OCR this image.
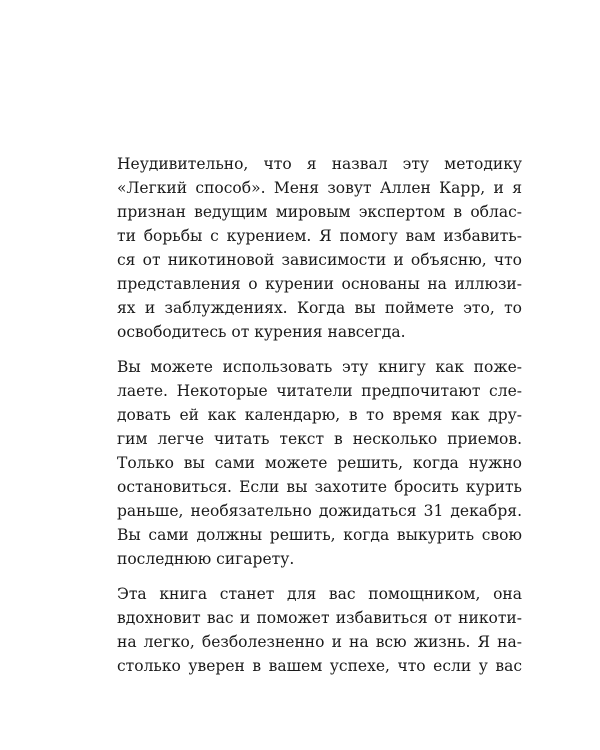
Неудивительно, что я назвал эту методику
«Легкий способ». Меня зовут Аллен Карр, и я
признан ведущим мировым экспертом в облас-
ти борьбы с курением. Я помогу вам избавить-
ся от никотиновой зависимости и объясню, что
представления о курении основаны на иллюзи-
ях и заблуждениях. Когда вы поймете это, то
освободитесь от курения навсегда.

Вы можете использовать эту книгу как поже-
лаете. Некоторые читатели предпочитают сле-
довать ей как календарю, в то время как дру-
гим легче читать текст в несколько приемов.
Только вы сами можете решить, когда нужно
остановиться. Если вы захотите бросить курить
раньше, необязательно дожидаться 31 декабря.
Вы сами должны решить, когда выкурить свою
последнюю сигарету.

Эта книга станет для вас помощником, она
вдохновит вас и поможет избавиться от никоти-
на легко, безболезненно и на всю жизнь. Я на-
столько уверен в вашем успехе, что если у вас
